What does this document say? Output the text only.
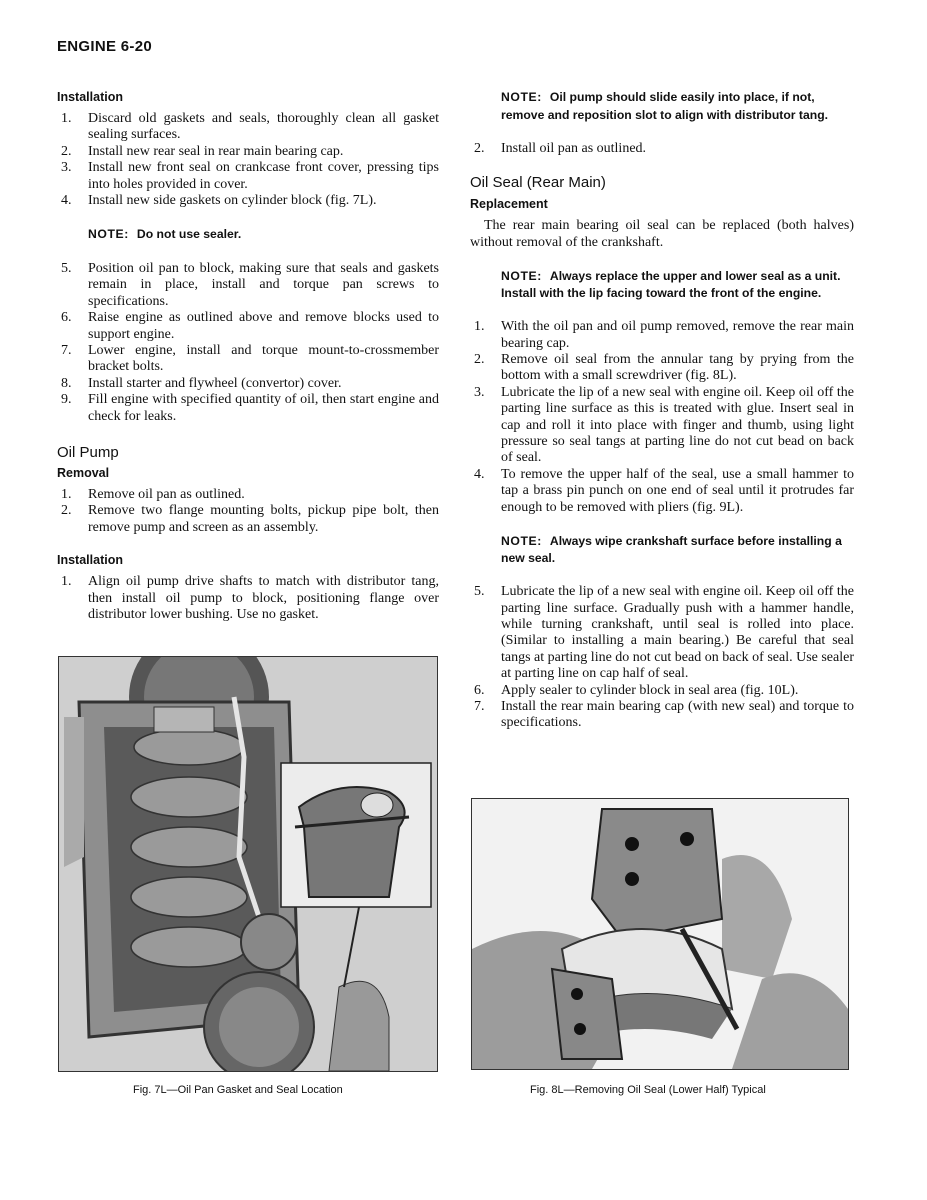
ENGINE 6-20
Installation
1. Discard old gaskets and seals, thoroughly clean all gasket sealing surfaces.
2. Install new rear seal in rear main bearing cap.
3. Install new front seal on crankcase front cover, pressing tips into holes provided in cover.
4. Install new side gaskets on cylinder block (fig. 7L).
NOTE: Do not use sealer.
5. Position oil pan to block, making sure that seals and gaskets remain in place, install and torque pan screws to specifications.
6. Raise engine as outlined above and remove blocks used to support engine.
7. Lower engine, install and torque mount-to-crossmember bracket bolts.
8. Install starter and flywheel (convertor) cover.
9. Fill engine with specified quantity of oil, then start engine and check for leaks.
Oil Pump
Removal
1. Remove oil pan as outlined.
2. Remove two flange mounting bolts, pickup pipe bolt, then remove pump and screen as an assembly.
Installation
1. Align oil pump drive shafts to match with distributor tang, then install oil pump to block, positioning flange over distributor lower bushing. Use no gasket.
NOTE: Oil pump should slide easily into place, if not, remove and reposition slot to align with distributor tang.
2. Install oil pan as outlined.
Oil Seal (Rear Main)
Replacement

The rear main bearing oil seal can be replaced (both halves) without removal of the crankshaft.

NOTE: Always replace the upper and lower seal as a unit. Install with the lip facing toward the front of the engine.
1. With the oil pan and oil pump removed, remove the rear main bearing cap.
2. Remove oil seal from the annular tang by prying from the bottom with a small screwdriver (fig. 8L).
3. Lubricate the lip of a new seal with engine oil. Keep oil off the parting line surface as this is treated with glue. Insert seal in cap and roll it into place with finger and thumb, using light pressure so seal tangs at parting line do not cut bead on back of seal.
4. To remove the upper half of the seal, use a small hammer to tap a brass pin punch on one end of seal until it protrudes far enough to be removed with pliers (fig. 9L).
NOTE: Always wipe crankshaft surface before installing a new seal.
5. Lubricate the lip of a new seal with engine oil. Keep oil off the parting line surface. Gradually push with a hammer handle, while turning crankshaft, until seal is rolled into place. (Similar to installing a main bearing.) Be careful that seal tangs at parting line do not cut bead on back of seal. Use sealer at parting line on cap half of seal.
6. Apply sealer to cylinder block in seal area (fig. 10L).
7. Install the rear main bearing cap (with new seal) and torque to specifications.
Fig. 7L—Oil Pan Gasket and Seal Location	Fig. 8L—Removing Oil Seal (Lower Half) Typical
